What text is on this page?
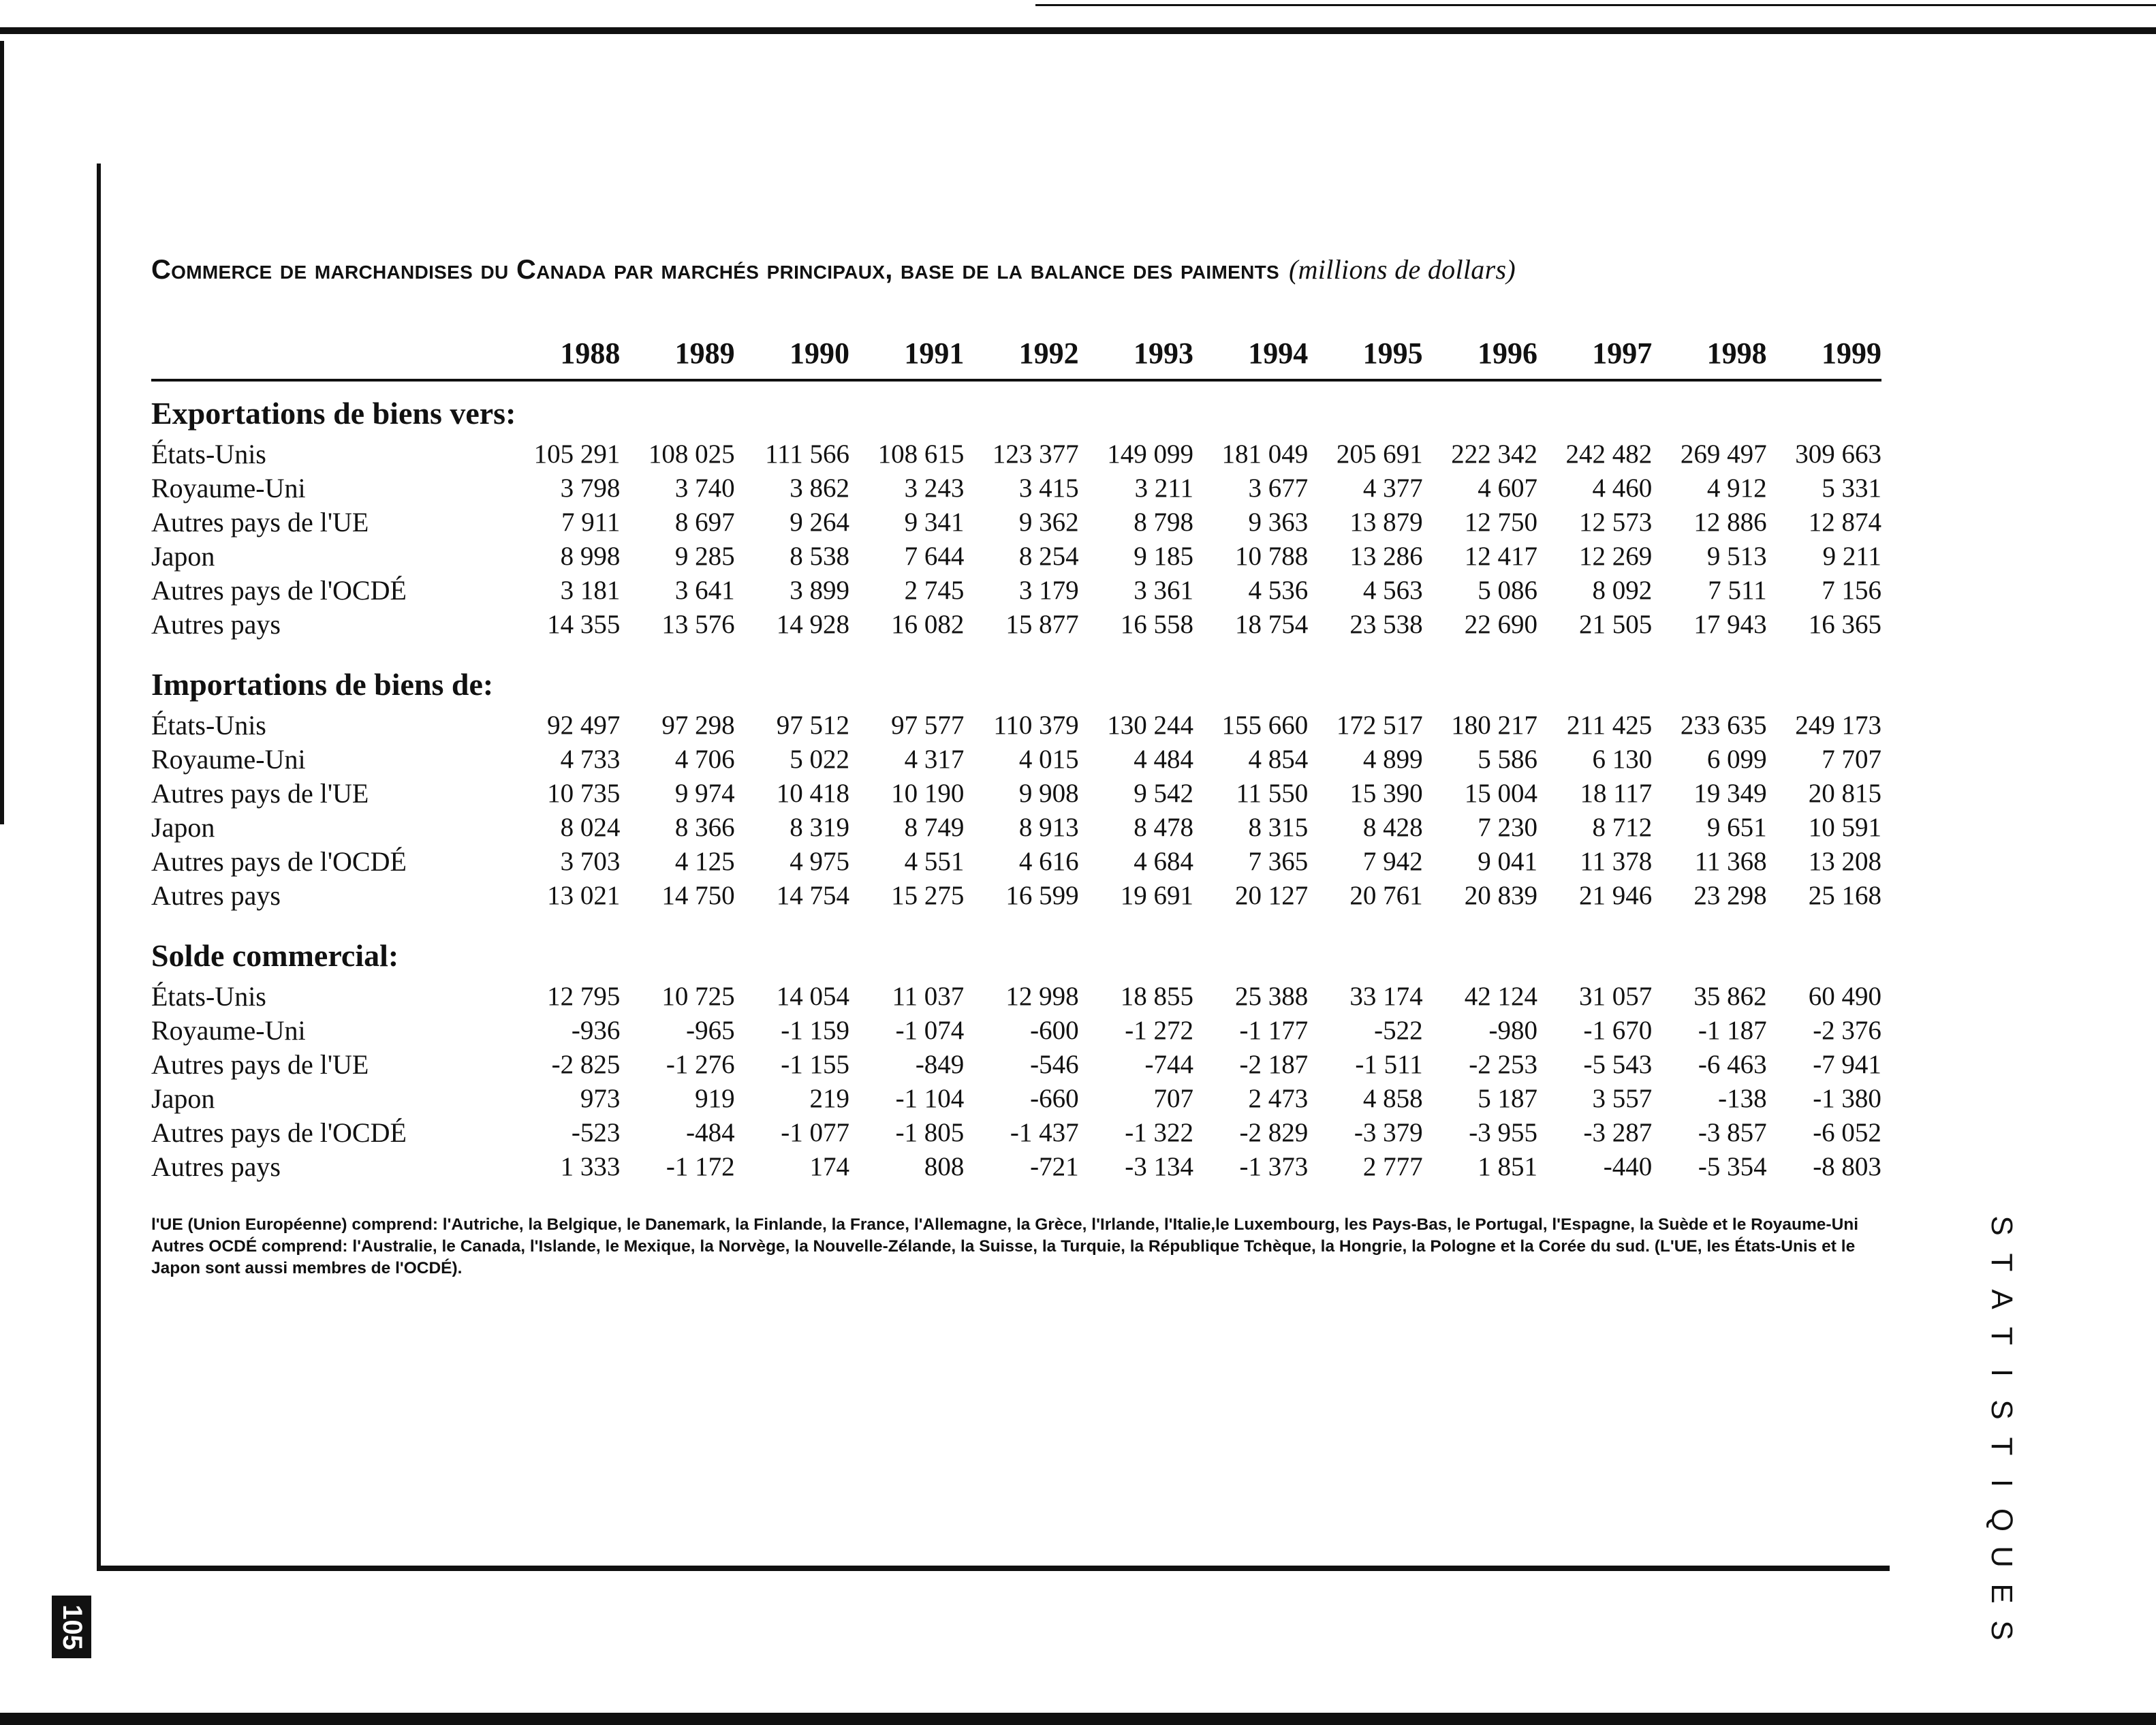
Commerce de marchandises du Canada par marchés principaux, base de la balance des paiments (millions de dollars)
1988	1989	1990	1991	1992	1993	1994	1995	1996	1997	1998	1999
Exportations de biens vers:
États-Unis	105 291	108 025	111 566	108 615	123 377	149 099	181 049	205 691	222 342	242 482	269 497	309 663
Royaume-Uni	3 798	3 740	3 862	3 243	3 415	3 211	3 677	4 377	4 607	4 460	4 912	5 331
Autres pays de l'UE	7 911	8 697	9 264	9 341	9 362	8 798	9 363	13 879	12 750	12 573	12 886	12 874
Japon	8 998	9 285	8 538	7 644	8 254	9 185	10 788	13 286	12 417	12 269	9 513	9 211
Autres pays de l'OCDÉ	3 181	3 641	3 899	2 745	3 179	3 361	4 536	4 563	5 086	8 092	7 511	7 156
Autres pays	14 355	13 576	14 928	16 082	15 877	16 558	18 754	23 538	22 690	21 505	17 943	16 365
Importations de biens de:
États-Unis	92 497	97 298	97 512	97 577	110 379	130 244	155 660	172 517	180 217	211 425	233 635	249 173
Royaume-Uni	4 733	4 706	5 022	4 317	4 015	4 484	4 854	4 899	5 586	6 130	6 099	7 707
Autres pays de l'UE	10 735	9 974	10 418	10 190	9 908	9 542	11 550	15 390	15 004	18 117	19 349	20 815
Japon	8 024	8 366	8 319	8 749	8 913	8 478	8 315	8 428	7 230	8 712	9 651	10 591
Autres pays de l'OCDÉ	3 703	4 125	4 975	4 551	4 616	4 684	7 365	7 942	9 041	11 378	11 368	13 208
Autres pays	13 021	14 750	14 754	15 275	16 599	19 691	20 127	20 761	20 839	21 946	23 298	25 168
Solde commercial:
États-Unis	12 795	10 725	14 054	11 037	12 998	18 855	25 388	33 174	42 124	31 057	35 862	60 490
Royaume-Uni	-936	-965	-1 159	-1 074	-600	-1 272	-1 177	-522	-980	-1 670	-1 187	-2 376
Autres pays de l'UE	-2 825	-1 276	-1 155	-849	-546	-744	-2 187	-1 511	-2 253	-5 543	-6 463	-7 941
Japon	973	919	219	-1 104	-660	707	2 473	4 858	5 187	3 557	-138	-1 380
Autres pays de l'OCDÉ	-523	-484	-1 077	-1 805	-1 437	-1 322	-2 829	-3 379	-3 955	-3 287	-3 857	-6 052
Autres pays	1 333	-1 172	174	808	-721	-3 134	-1 373	2 777	1 851	-440	-5 354	-8 803

l'UE (Union Européenne) comprend: l'Autriche, la Belgique, le Danemark, la Finlande, la France, l'Allemagne, la Grèce, l'Irlande, l'Italie,le Luxembourg, les Pays-Bas, le Portugal, l'Espagne, la Suède et le Royaume-Uni

Autres OCDÉ comprend: l'Australie, le Canada, l'Islande, le Mexique, la Norvège, la Nouvelle-Zélande, la Suisse, la Turquie, la République Tchèque, la Hongrie, la Pologne et la Corée du sud. (L'UE, les États-Unis et le Japon sont aussi membres de l'OCDÉ).

S
T
A
T
I
S
T
I
Q
U
E
S
105
